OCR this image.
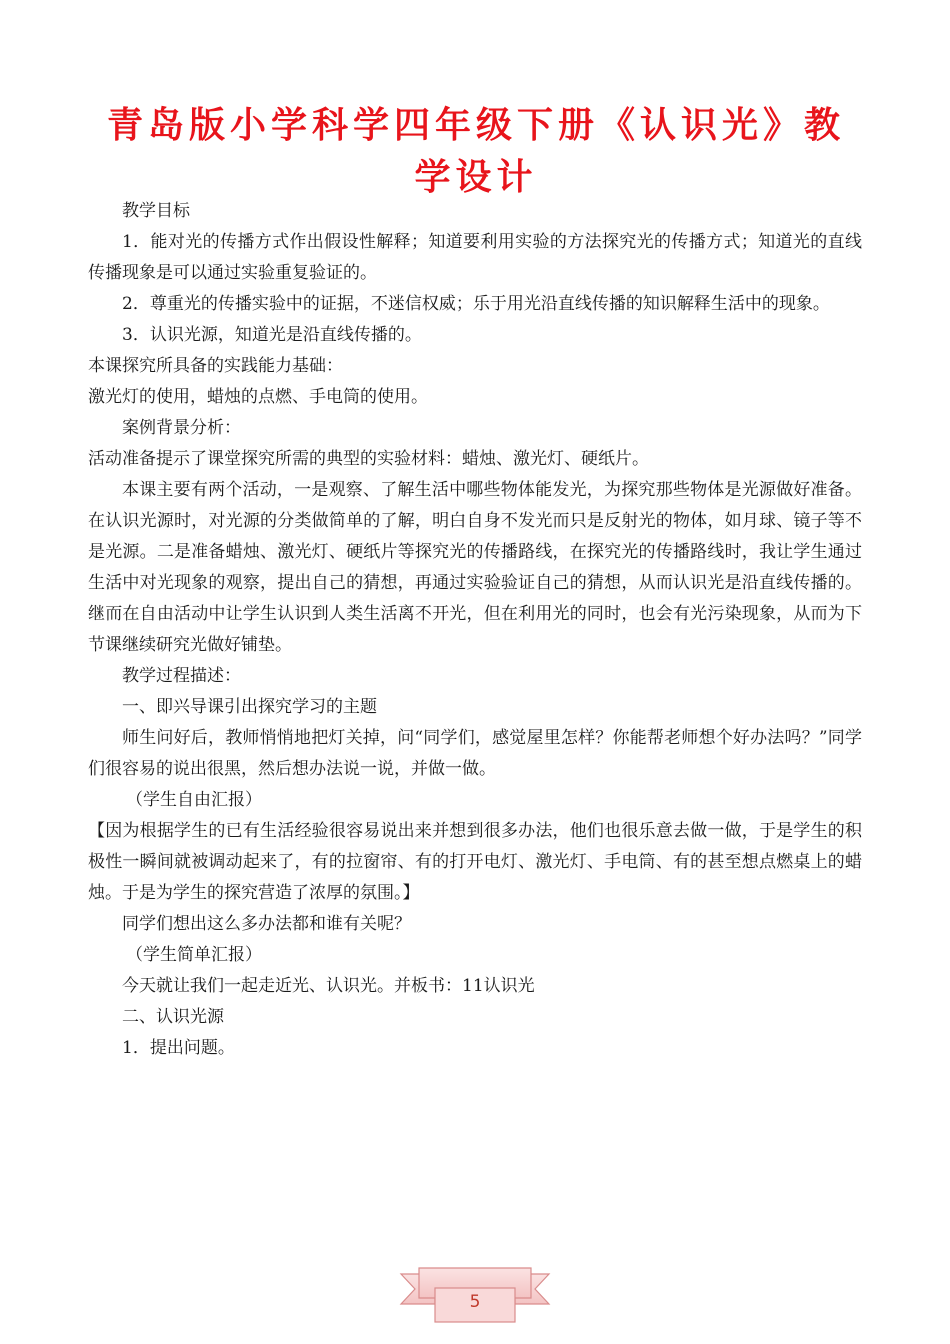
青岛版小学科学四年级下册《认识光》教学设计

教学目标

1．能对光的传播方式作出假设性解释；知道要利用实验的方法探究光的传播方式；知道光的直线传播现象是可以通过实验重复验证的。

2．尊重光的传播实验中的证据，不迷信权威；乐于用光沿直线传播的知识解释生活中的现象。

3．认识光源，知道光是沿直线传播的。

本课探究所具备的实践能力基础：

激光灯的使用，蜡烛的点燃、手电筒的使用。

案例背景分析：

活动准备提示了课堂探究所需的典型的实验材料：蜡烛、激光灯、硬纸片。

本课主要有两个活动，一是观察、了解生活中哪些物体能发光，为探究那些物体是光源做好准备。在认识光源时，对光源的分类做简单的了解，明白自身不发光而只是反射光的物体，如月球、镜子等不是光源。二是准备蜡烛、激光灯、硬纸片等探究光的传播路线，在探究光的传播路线时，我让学生通过生活中对光现象的观察，提出自己的猜想，再通过实验验证自己的猜想，从而认识光是沿直线传播的。继而在自由活动中让学生认识到人类生活离不开光，但在利用光的同时，也会有光污染现象，从而为下节课继续研究光做好铺垫。

教学过程描述：

一、即兴导课引出探究学习的主题

师生问好后，教师悄悄地把灯关掉，问“同学们，感觉屋里怎样？你能帮老师想个好办法吗？”同学们很容易的说出很黑，然后想办法说一说，并做一做。

（学生自由汇报）

【因为根据学生的已有生活经验很容易说出来并想到很多办法，他们也很乐意去做一做，于是学生的积极性一瞬间就被调动起来了，有的拉窗帘、有的打开电灯、激光灯、手电筒、有的甚至想点燃桌上的蜡烛。于是为学生的探究营造了浓厚的氛围。】

同学们想出这么多办法都和谁有关呢？

（学生简单汇报）

今天就让我们一起走近光、认识光。并板书：11认识光

二、认识光源

1．提出问题。

5
